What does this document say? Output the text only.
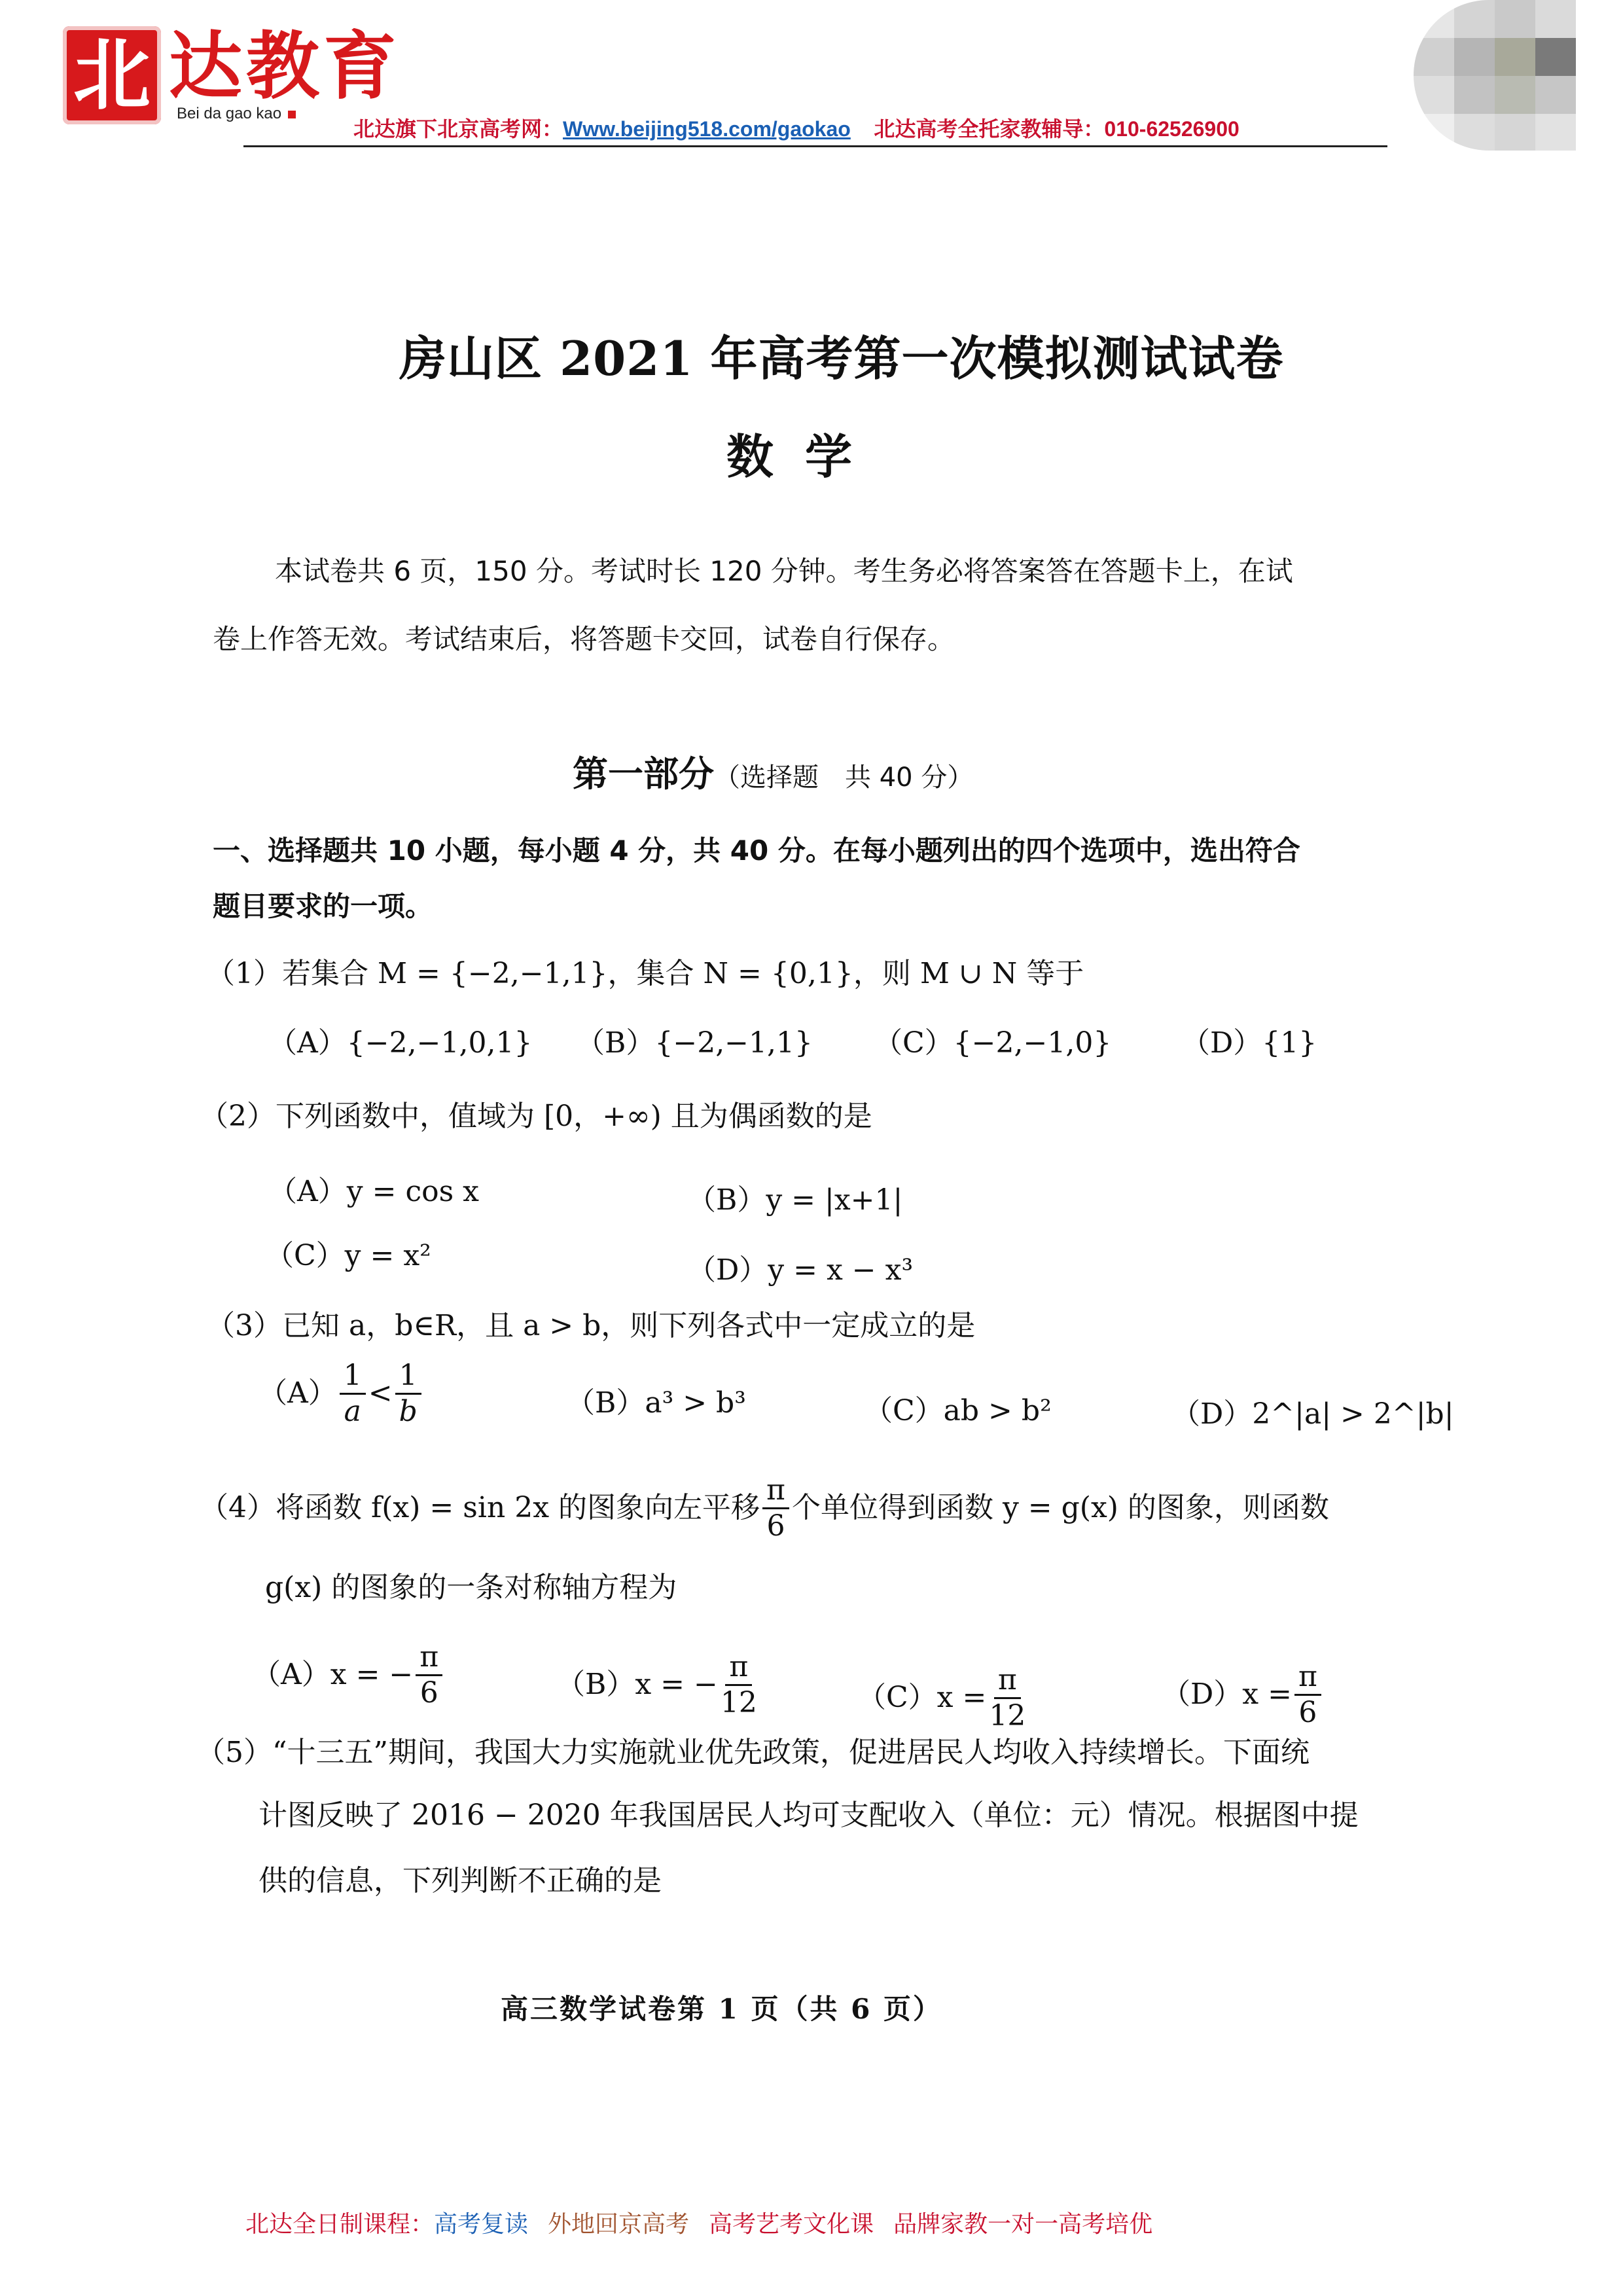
北 达教育
Bei da gao kao
北达旗下北京高考网：Www.beijing518.com/gaokao 北达高考全托家教辅导：010-62526900
房山区 2021 年高考第一次模拟测试试卷
数学
本试卷共 6 页，150 分。考试时长 120 分钟。考生务必将答案答在答题卡上，在试
卷上作答无效。考试结束后，将答题卡交回，试卷自行保存。
第一部分（选择题　共 40 分）
一、选择题共 10 小题，每小题 4 分，共 40 分。在每小题列出的四个选项中，选出符合
题目要求的一项。
（1）若集合 M = {−2,−1,1}，集合 N = {0,1}，则 M ∪ N 等于
（A）{−2,−1,0,1} （B）{−2,−1,1} （C）{−2,−1,0} （D）{1}
（2）下列函数中，值域为 [0，+∞) 且为偶函数的是
（A）y = cos x	（B）y = |x+1|
（C）y = x²	（D）y = x − x³
（3）已知 a，b∈R，且 a > b，则下列各式中一定成立的是
$(A) \frac{1}{a} < \frac{1}{b}$	（B）a³ > b³	（C）ab > b²	（D）2^|a| > 2^|b|
（4）将函数 f(x) = sin 2x 的图象向左平移 $\frac{\pi}{6}$ 个单位得到函数 y = g(x) 的图象，则函数
g(x) 的图象的一条对称轴方程为
（A）x = − $\frac{\pi}{6}$	（B）x = − $\frac{\pi}{12}$	$(C)x = \frac{\pi}{12}$	$(D)x = \frac{\pi}{6}$
（5）“十三五”期间，我国大力实施就业优先政策，促进居民人均收入持续增长。下面统
计图反映了 2016 − 2020 年我国居民人均可支配收入（单位：元）情况。根据图中提
供的信息，下列判断不正确的是
高三数学试卷第 1 页（共 6 页）
北达全日制课程：高考复读 外地回京高考 高考艺考文化课 品牌家教一对一高考培优
